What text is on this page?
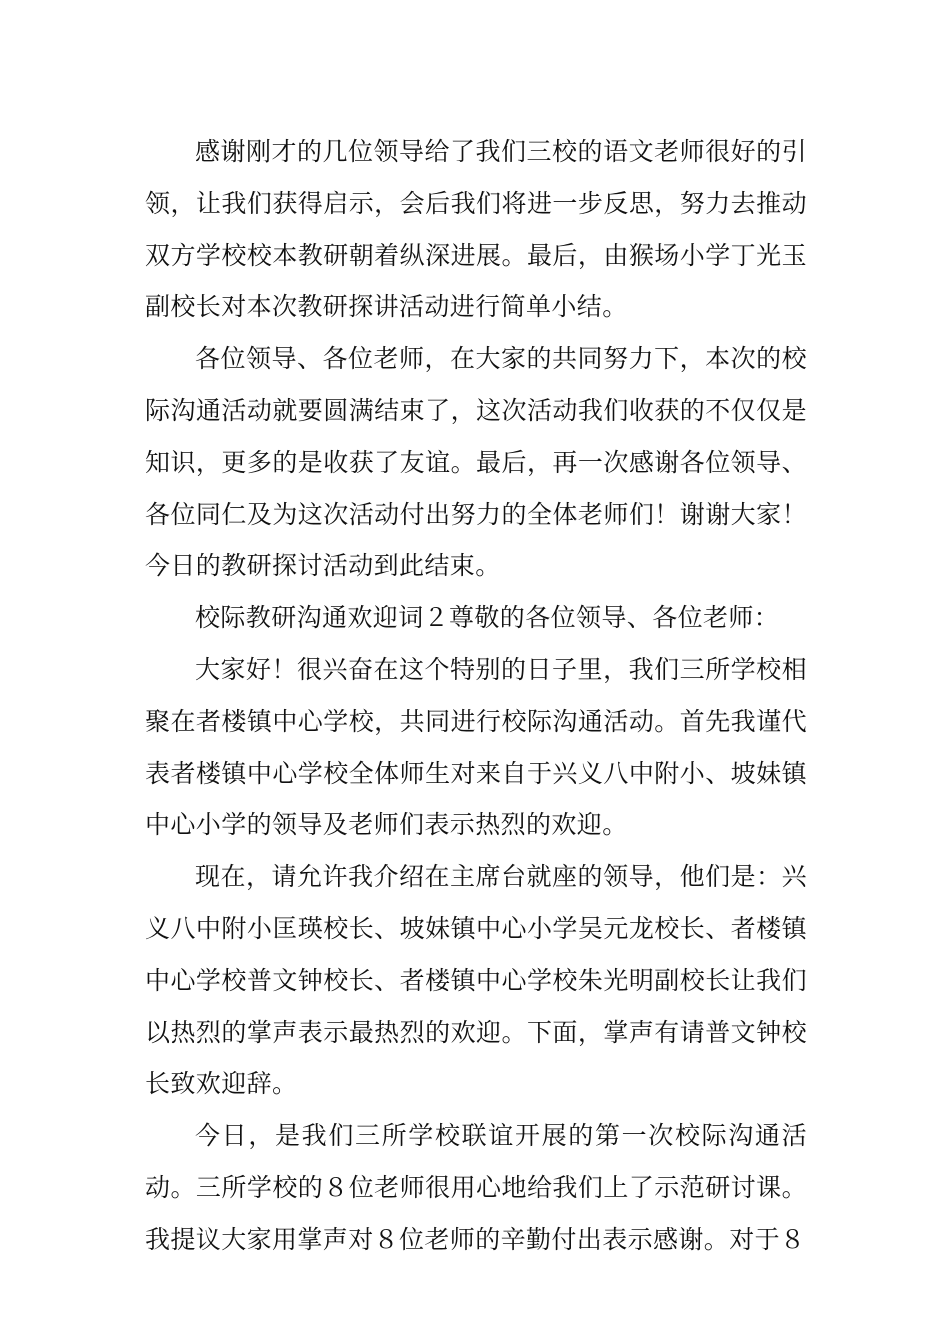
感谢刚才的几位领导给了我们三校的语文老师很好的引领，让我们获得启示，会后我们将进一步反思，努力去推动双方学校校本教研朝着纵深进展。最后，由猴场小学丁光玉副校长对本次教研探讲活动进行简单小结。

各位领导、各位老师，在大家的共同努力下，本次的校际沟通活动就要圆满结束了，这次活动我们收获的不仅仅是知识，更多的是收获了友谊。最后，再一次感谢各位领导、各位同仁及为这次活动付出努力的全体老师们！谢谢大家！今日的教研探讨活动到此结束。

校际教研沟通欢迎词２尊敬的各位领导、各位老师：

大家好！很兴奋在这个特别的日子里，我们三所学校相聚在者楼镇中心学校，共同进行校际沟通活动。首先我谨代表者楼镇中心学校全体师生对来自于兴义八中附小、坡妹镇中心小学的领导及老师们表示热烈的欢迎。

现在，请允许我介绍在主席台就座的领导，他们是：兴义八中附小匡瑛校长、坡妹镇中心小学吴元龙校长、者楼镇中心学校普文钟校长、者楼镇中心学校朱光明副校长让我们以热烈的掌声表示最热烈的欢迎。下面，掌声有请普文钟校长致欢迎辞。

今日，是我们三所学校联谊开展的第一次校际沟通活动。三所学校的８位老师很用心地给我们上了示范研讨课。我提议大家用掌声对８位老师的辛勤付出表示感谢。对于８
